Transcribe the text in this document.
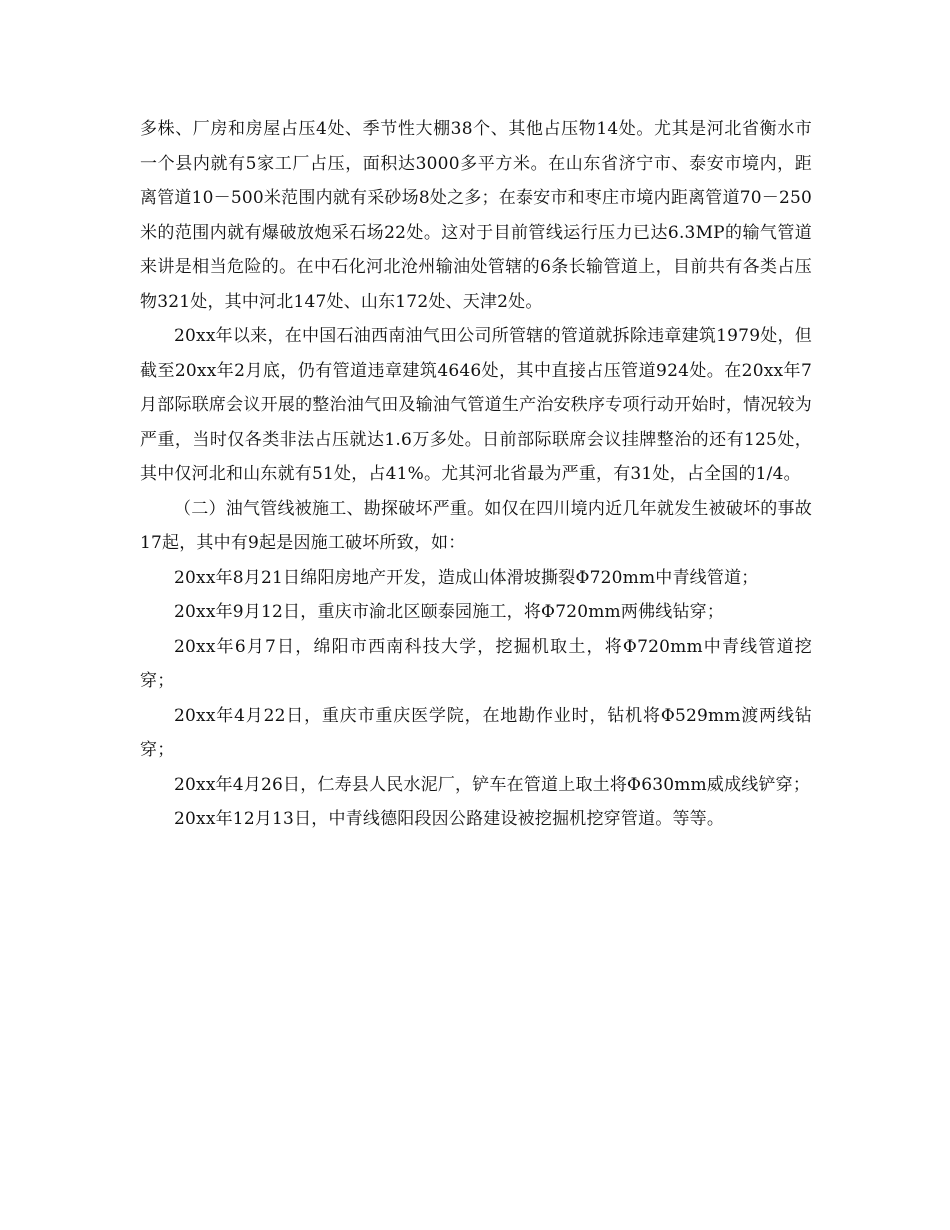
多株、厂房和房屋占压4处、季节性大棚38个、其他占压物14处。尤其是河北省衡水市一个县内就有5家工厂占压，面积达3000多平方米。在山东省济宁市、泰安市境内，距离管道10－500米范围内就有采砂场8处之多；在泰安市和枣庄市境内距离管道70－250米的范围内就有爆破放炮采石场22处。这对于目前管线运行压力已达6.3MP的输气管道来讲是相当危险的。在中石化河北沧州输油处管辖的6条长输管道上，目前共有各类占压物321处，其中河北147处、山东172处、天津2处。

20xx年以来，在中国石油西南油气田公司所管辖的管道就拆除违章建筑1979处，但截至20xx年2月底，仍有管道违章建筑4646处，其中直接占压管道924处。在20xx年7月部际联席会议开展的整治油气田及输油气管道生产治安秩序专项行动开始时，情况较为严重，当时仅各类非法占压就达1.6万多处。日前部际联席会议挂牌整治的还有125处，其中仅河北和山东就有51处，占41%。尤其河北省最为严重，有31处，占全国的1/4。

（二）油气管线被施工、勘探破坏严重。如仅在四川境内近几年就发生被破坏的事故17起，其中有9起是因施工破坏所致，如：

20xx年8月21日绵阳房地产开发，造成山体滑坡撕裂Φ720mm中青线管道；

20xx年9月12日，重庆市渝北区颐泰园施工，将Φ720mm两佛线钻穿；

20xx年6月7日，绵阳市西南科技大学，挖掘机取土，将Φ720mm中青线管道挖穿；

20xx年4月22日，重庆市重庆医学院，在地勘作业时，钻机将Φ529mm渡两线钻穿；

20xx年4月26日，仁寿县人民水泥厂，铲车在管道上取土将Φ630mm威成线铲穿；

20xx年12月13日，中青线德阳段因公路建设被挖掘机挖穿管道。等等。
